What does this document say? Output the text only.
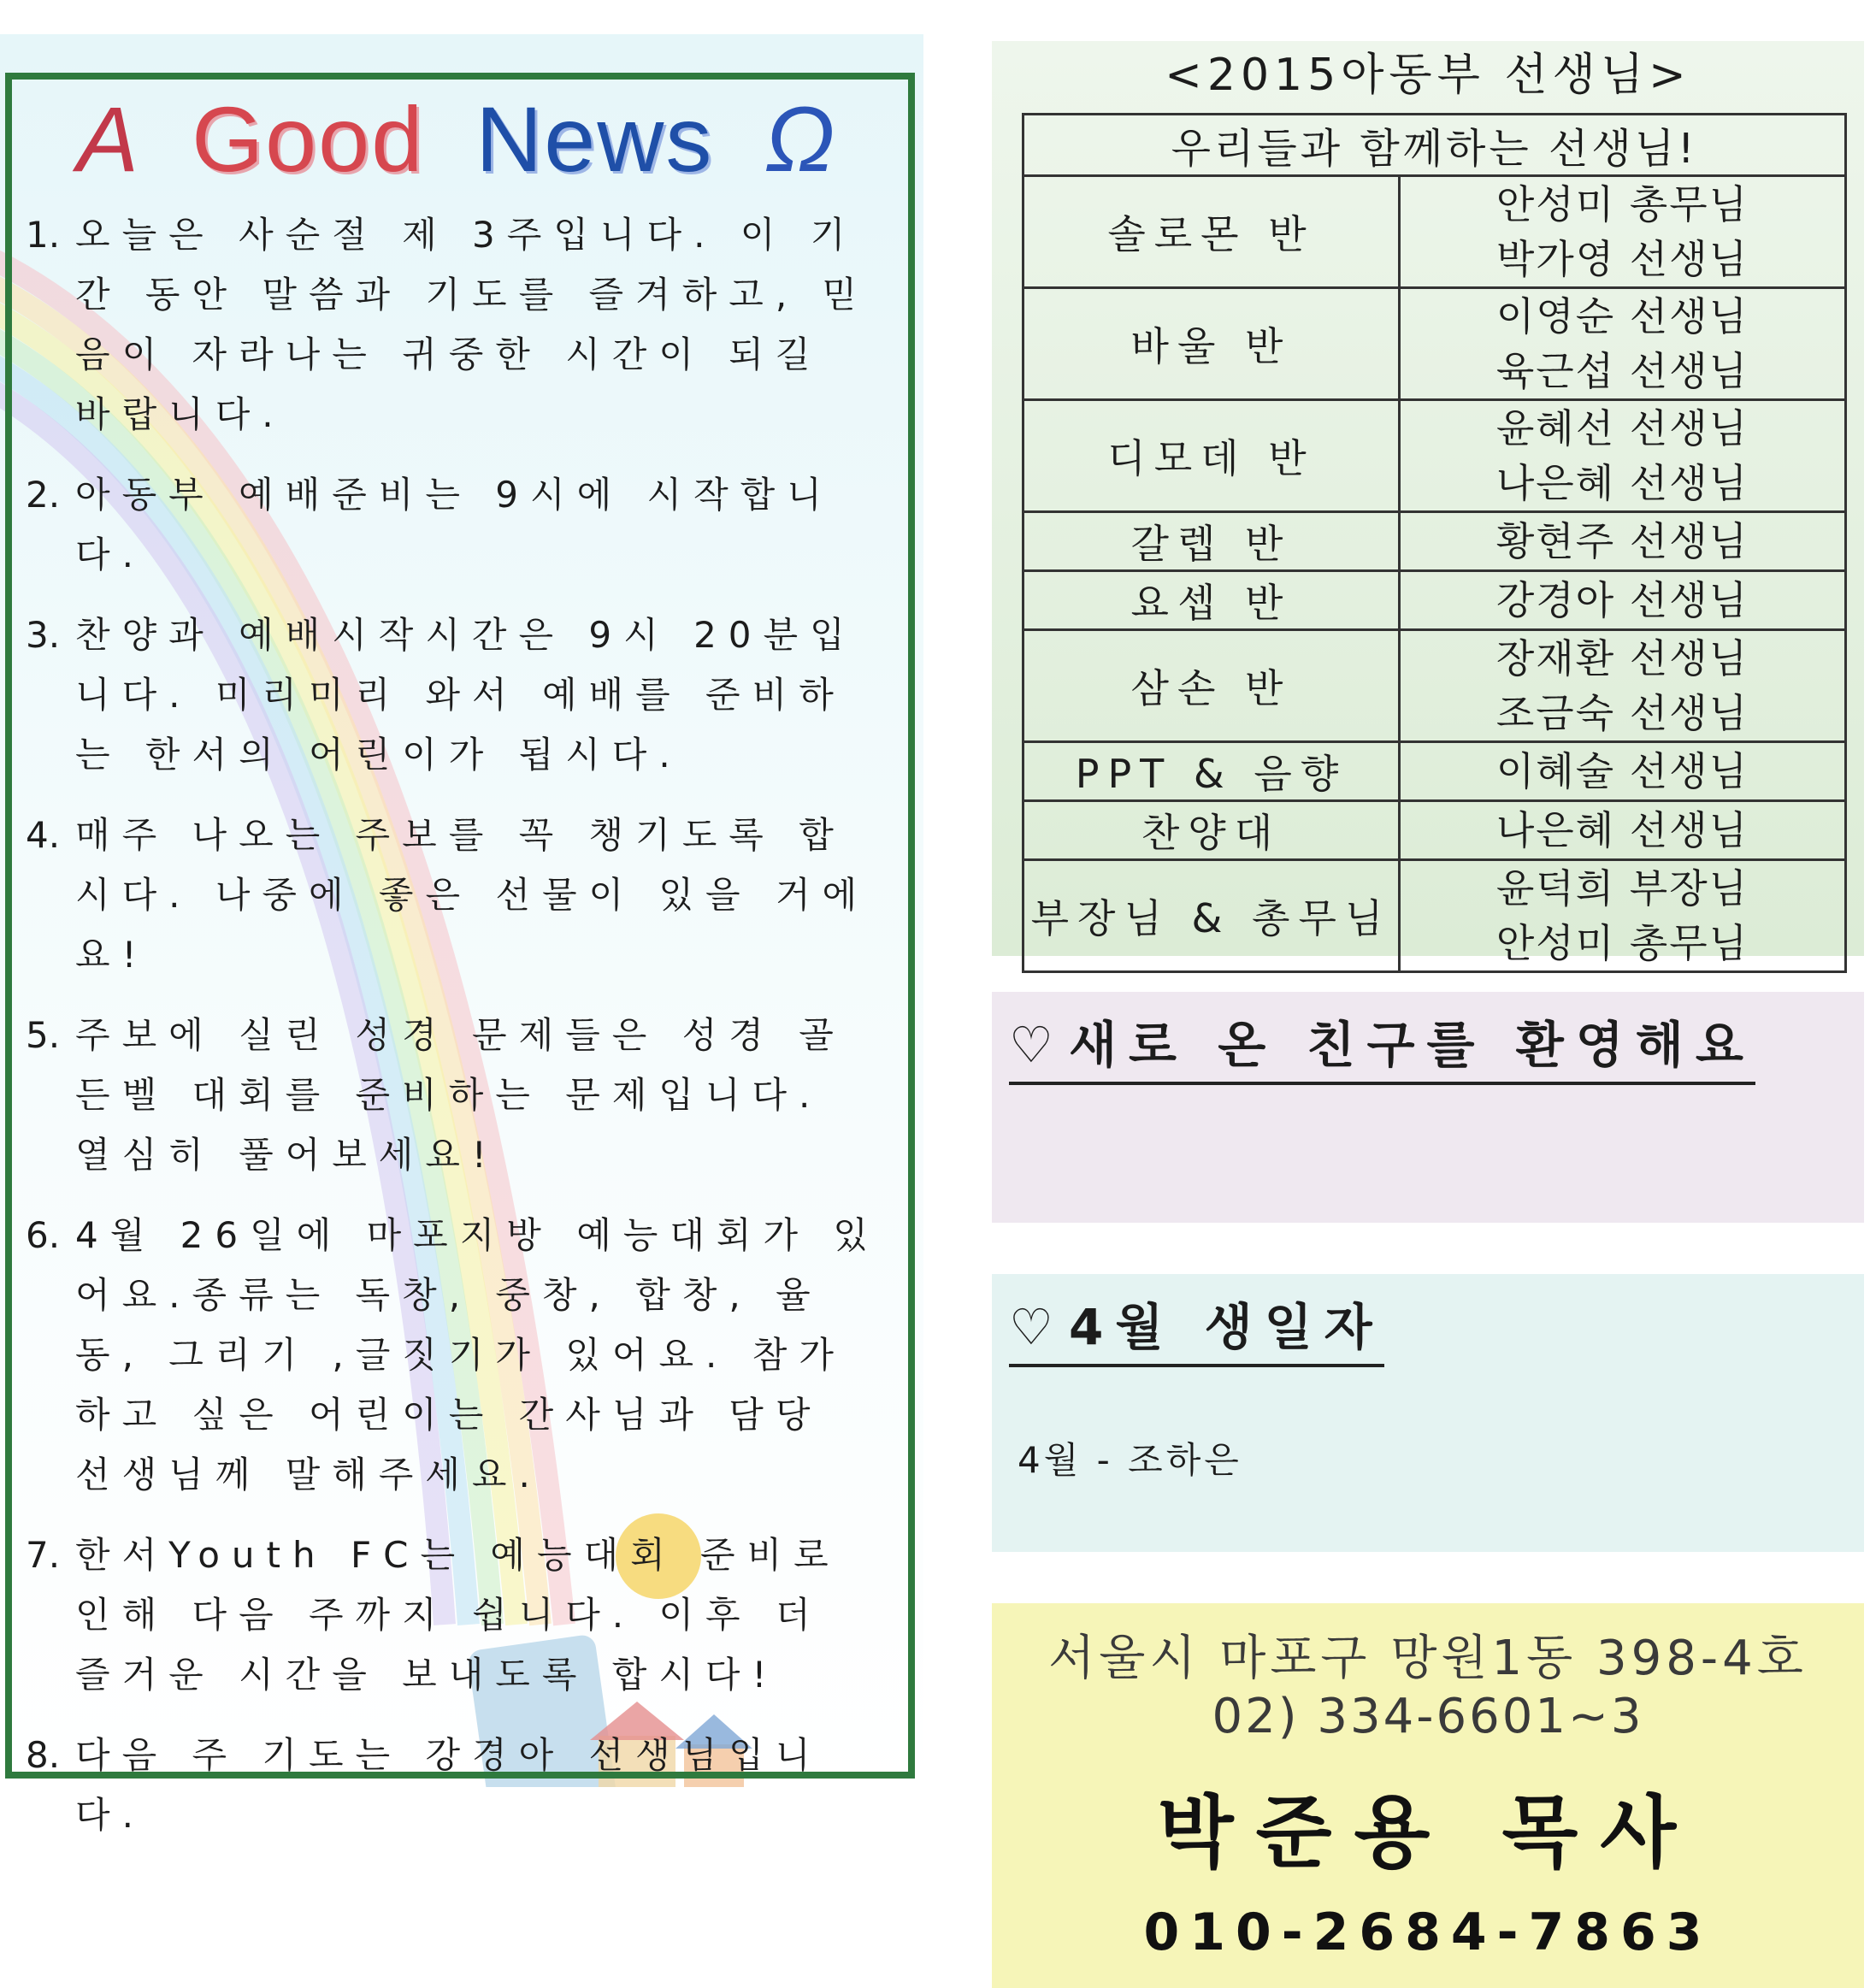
A Good News Ω
1. 오늘은 사순절 제 3주입니다. 이 기간 동안 말씀과 기도를 즐겨하고, 믿음이 자라나는 귀중한 시간이 되길 바랍니다.
2. 아동부 예배준비는 9시에 시작합니다.
3. 찬양과 예배시작시간은 9시 20분입니다. 미리미리 와서 예배를 준비하는 한서의 어린이가 됩시다.
4. 매주 나오는 주보를 꼭 챙기도록 합시다. 나중에 좋은 선물이 있을 거에요!
5. 주보에 실린 성경 문제들은 성경 골든벨 대회를 준비하는 문제입니다. 열심히 풀어보세요!
6. 4월 26일에 마포지방 예능대회가 있어요.종류는 독창, 중창, 합창, 율동, 그리기 ,글짓기가 있어요. 참가하고 싶은 어린이는 간사님과 담당 선생님께 말해주세요.
7. 한서Youth FC는 예능대회 준비로 인해 다음 주까지 쉽니다. 이후 더 즐거운 시간을 보내도록 합시다!
8. 다음 주 기도는 강경아 선생님입니다.
<2015아동부 선생님>
우리들과 함께하는 선생님!	
솔로몬 반	안성미 총무님
박가영 선생님

바울 반	이영순 선생님
육근섭 선생님

디모데 반	윤혜선 선생님
나은혜 선생님

갈렙 반	황현주 선생님

요셉 반	강경아 선생님

삼손 반	장재환 선생님
조금숙 선생님

PPT & 음향	이혜술 선생님

찬양대	나은혜 선생님

부장님 & 총무님	윤덕희 부장님
안성미 총무님
♡ 새로 온 친구를 환영해요
♡ 4월 생일자
4월 - 조하은
서울시 마포구 망원1동 398-4호
02) 334-6601~3
박준용 목사
010-2684-7863
